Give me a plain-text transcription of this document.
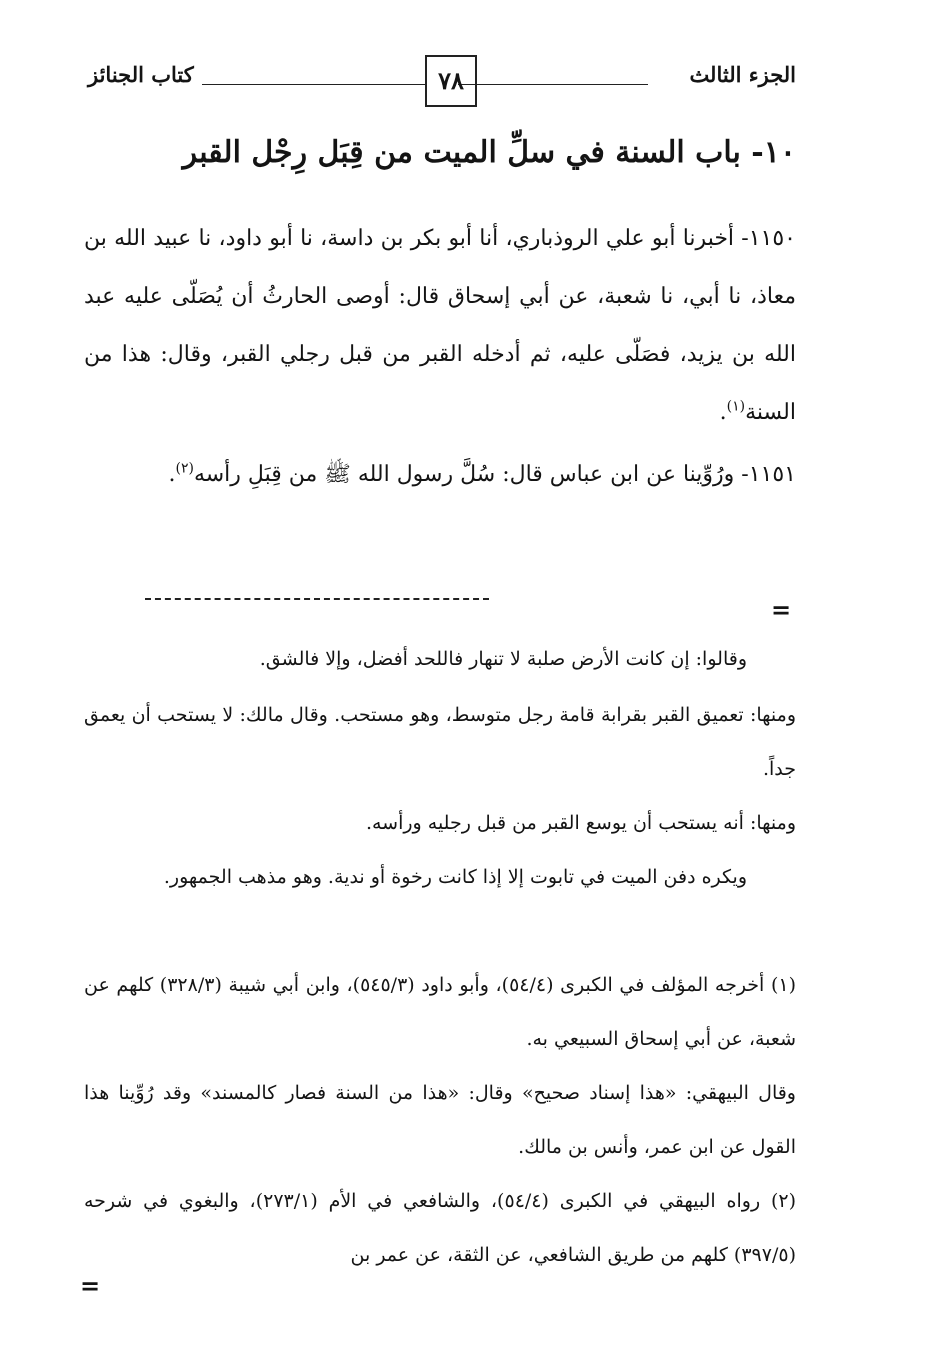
الجزء الثالث
٧٨
كتاب الجنائز
١٠- باب السنة في سلِّ الميت من قِبَل رِجْل القبر
١١٥٠- أخبرنا أبو علي الروذباري، أنا أبو بكر بن داسة، نا أبو داود، نا عبيد الله بن معاذ، نا أبي، نا شعبة، عن أبي إسحاق قال: أوصى الحارثُ أن يُصَلّى عليه عبد الله بن يزيد، فصَلّى عليه، ثم أدخله القبر من قبل رجلي القبر، وقال: هذا من السنة$^{(١)}$.
١١٥١- ورُوِّينا عن ابن عباس قال: سُلَّ رسول الله ﷺ من قِبَلِ رأسه$^{(٢)}$.
=
وقالوا: إن كانت الأرض صلبة لا تنهار فاللحد أفضل، وإلا فالشق.
ومنها: تعميق القبر بقرابة قامة رجل متوسط، وهو مستحب. وقال مالك: لا يستحب أن يعمق جداً.
ومنها: أنه يستحب أن يوسع القبر من قبل رجليه ورأسه.
ويكره دفن الميت في تابوت إلا إذا كانت رخوة أو ندية. وهو مذهب الجمهور.
(١) أخرجه المؤلف في الكبرى (٥٤/٤)، وأبو داود (٥٤٥/٣)، وابن أبي شيبة (٣٢٨/٣) كلهم عن شعبة، عن أبي إسحاق السبيعي به.
وقال البيهقي: «هذا إسناد صحيح» وقال: «هذا من السنة فصار كالمسند» وقد رُوِّينا هذا القول عن ابن عمر، وأنس بن مالك.
(٢) رواه البيهقي في الكبرى (٥٤/٤)، والشافعي في الأم (٢٧٣/١)، والبغوي في شرحه (٣٩٧/٥) كلهم من طريق الشافعي، عن الثقة، عن عمر بن
=
